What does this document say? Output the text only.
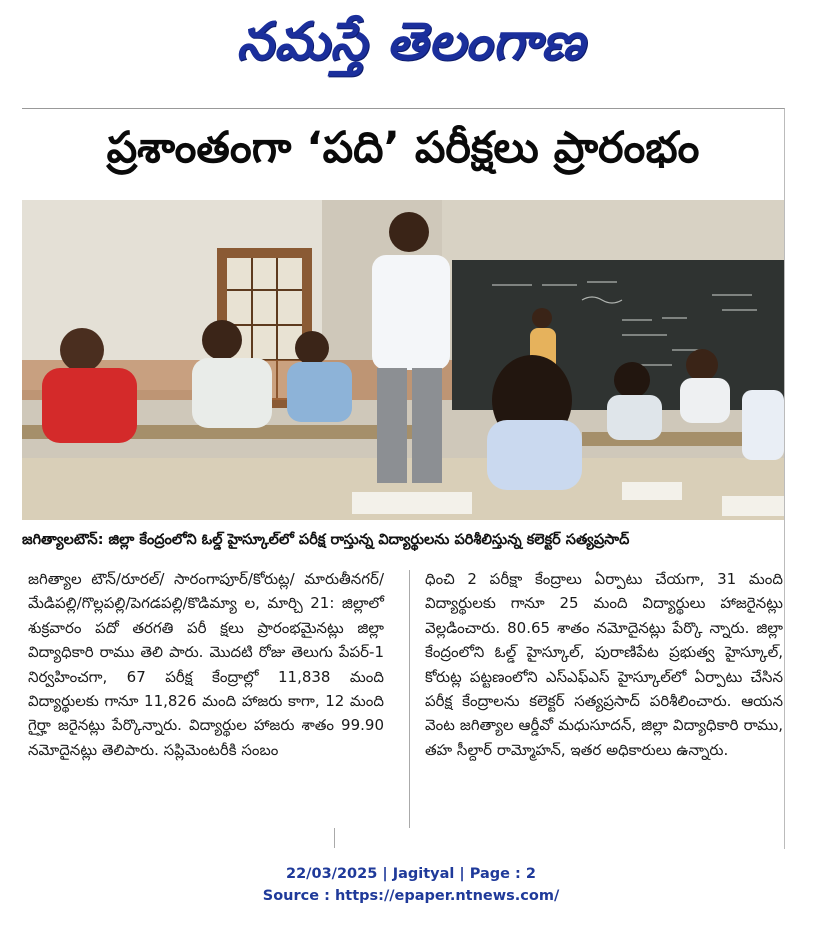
నమస్తే తెలంగాణ
ప్రశాంతంగా ‘పది’ పరీక్షలు ప్రారంభం
జగిత్యాలటౌన్: జిల్లా కేంద్రంలోని ఓల్డ్ హైస్కూల్‌లో పరీక్ష రాస్తున్న విద్యార్థులను పరిశీలిస్తున్న కలెక్టర్ సత్యప్రసాద్

జగిత్యాల టౌన్/రూరల్/ సారంగాపూర్/కోరుట్ల/ మారుతీనగర్/మేడిపల్లి/గొల్లపల్లి/పెగడపల్లి/కొడిమ్యా ల, మార్చి 21: జిల్లాలో శుక్రవారం పదో తరగతి పరీ క్షలు ప్రారంభమైనట్లు జిల్లా విద్యాధికారి రాము తెలి పారు. మొదటి రోజు తెలుగు పేపర్-1 నిర్వహించగా, 67 పరీక్ష కేంద్రాల్లో 11,838 మంది విద్యార్థులకు గానూ 11,826 మంది హాజరు కాగా, 12 మంది గైర్హా జరైనట్లు పేర్కొన్నారు. విద్యార్థుల హాజరు శాతం 99.90 నమోదైనట్లు తెలిపారు. సప్లిమెంటరీకి సంబం

ధించి 2 పరీక్షా కేంద్రాలు ఏర్పాటు చేయగా, 31 మంది విద్యార్థులకు గానూ 25 మంది విద్యార్థులు హాజరైనట్లు వెల్లడించారు. 80.65 శాతం నమోదైనట్లు పేర్కొ న్నారు. జిల్లా కేంద్రంలోని ఓల్డ్ హైస్కూల్, పురాణిపేట ప్రభుత్వ హైస్కూల్, కోరుట్ల పట్టణంలోని ఎస్‌ఎఫ్‌ఎస్ హైస్కూల్‌లో ఏర్పాటు చేసిన పరీక్ష కేంద్రాలను కలెక్టర్ సత్యప్రసాద్ పరిశీలించారు. ఆయన వెంట జగిత్యాల ఆర్డీవో మధుసూదన్, జిల్లా విద్యాధికారి రాము, తహ సీల్దార్ రామ్మోహన్, ఇతర అధికారులు ఉన్నారు.

22/03/2025 | Jagityal | Page : 2
Source : https://epaper.ntnews.com/
